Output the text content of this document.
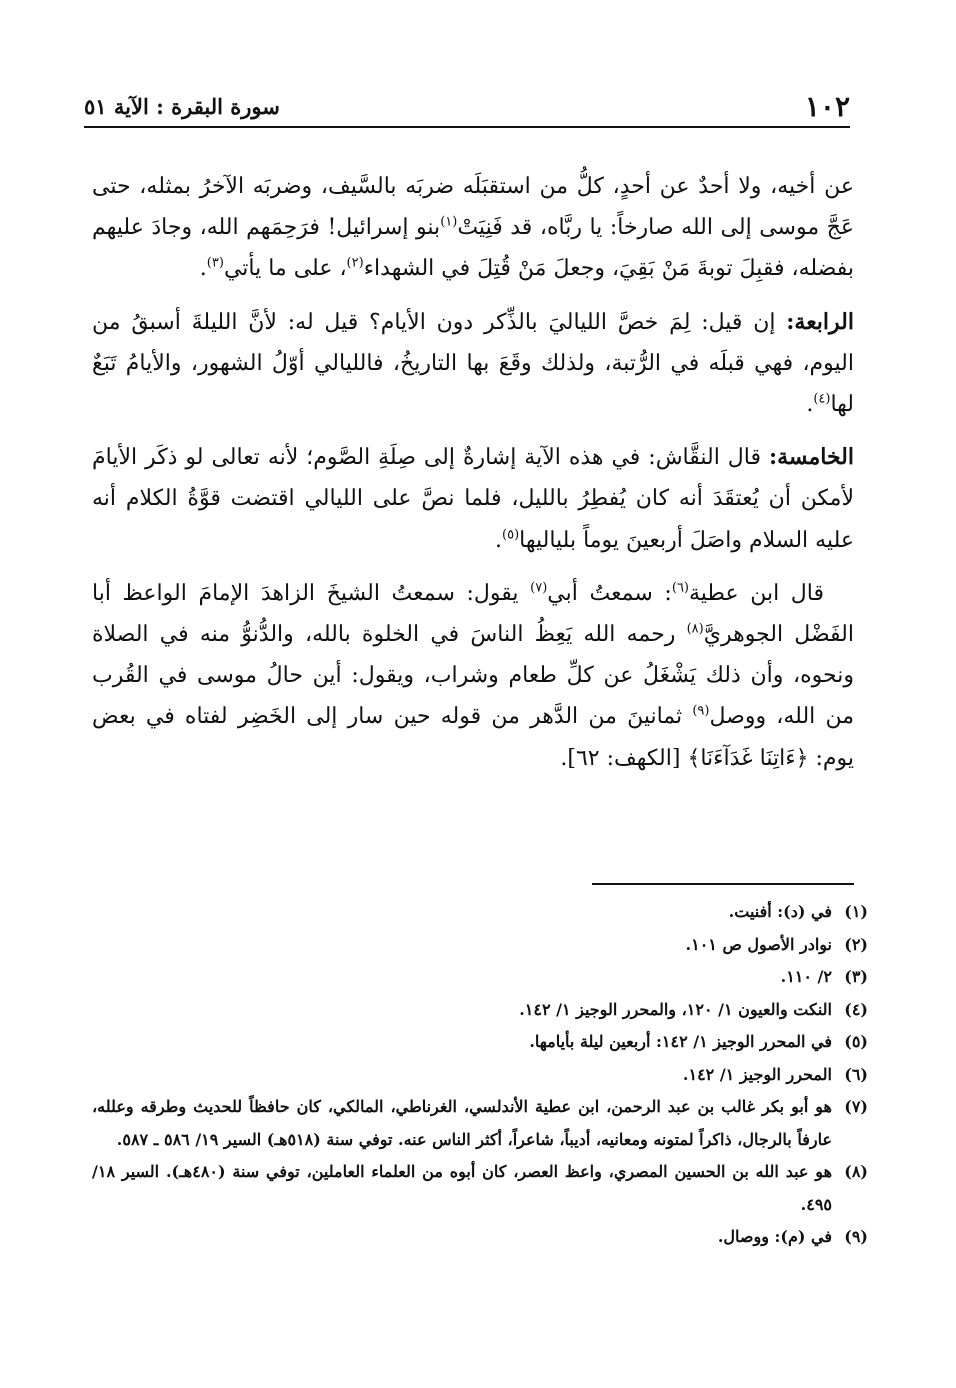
١٠٢
سورة البقرة : الآية ٥١

عن أخيه، ولا أحدٌ عن أحدٍ، كلُّ من استقبَلَه ضربَه بالسَّيف، وضربَه الآخرُ بمثله، حتى عَجَّ موسى إلى الله صارخاً: يا ربَّاه، قد فَنِيَتْ$^{(١)}$بنو إسرائيل! فرَحِمَهم الله، وجادَ عليهم بفضله، فقبِلَ توبةَ مَنْ بَقِيَ، وجعلَ مَنْ قُتِلَ في الشهداء$^{(٢)}$، على ما يأتي$^{(٣)}$.

الرابعة: إن قيل: لِمَ خصَّ اللياليَ بالذِّكر دون الأيام؟ قيل له: لأنَّ الليلةَ أسبقُ من اليوم، فهي قبلَه في الرُّتبة، ولذلك وقَعَ بها التاريخُ، فالليالي أوّلُ الشهور، والأيامُ تَبَعٌ لها$^{(٤)}$.

الخامسة: قال النقَّاش: في هذه الآية إشارةٌ إلى صِلَةِ الصَّوم؛ لأنه تعالى لو ذكَر الأيامَ لأمكن أن يُعتقَدَ أنه كان يُفطِرُ بالليل، فلما نصَّ على الليالي اقتضت قوَّةُ الكلام أنه عليه السلام واصَلَ أربعينَ يوماً بلياليها$^{(٥)}$.

قال ابن عطية$^{(٦)}$: سمعتُ أبي$^{(٧)}$ يقول: سمعتُ الشيخَ الزاهدَ الإمامَ الواعظ أبا الفَضْل الجوهريَّ$^{(٨)}$ رحمه الله يَعِظُ الناسَ في الخلوة بالله، والدُّنوُّ منه في الصلاة ونحوه، وأن ذلك يَشْغَلُ عن كلِّ طعام وشراب، ويقول: أين حالُ موسى في القُرب من الله، ووصل$^{(٩)}$ ثمانينَ من الدَّهر من قوله حين سار إلى الخَضِر لفتاه في بعض يوم: ﴿ءَاتِنَا غَدَآءَنَا﴾ [الكهف: ٦٢].

(١)
في (د): أفنيت.
(٢)
نوادر الأصول ص ١٠١.
(٣)
٢/ ١١٠.
(٤)
النكت والعيون ١/ ١٢٠، والمحرر الوجيز ١/ ١٤٢.
(٥)
في المحرر الوجيز ١/ ١٤٢: أربعين ليلة بأيامها.
(٦)
المحرر الوجيز ١/ ١٤٢.
(٧)
هو أبو بكر غالب بن عبد الرحمن، ابن عطية الأندلسي، الغرناطي، المالكي، كان حافظاً للحديث وطرقه وعلله، عارفاً بالرجال، ذاكراً لمتونه ومعانيه، أديباً، شاعراً، أكثر الناس عنه. توفي سنة (٥١٨هـ) السير ١٩/ ٥٨٦ ـ ٥٨٧.
(٨)
هو عبد الله بن الحسين المصري، واعظ العصر، كان أبوه من العلماء العاملين، توفي سنة (٤٨٠هـ). السير ١٨/ ٤٩٥.
(٩)
في (م): ووصال.
